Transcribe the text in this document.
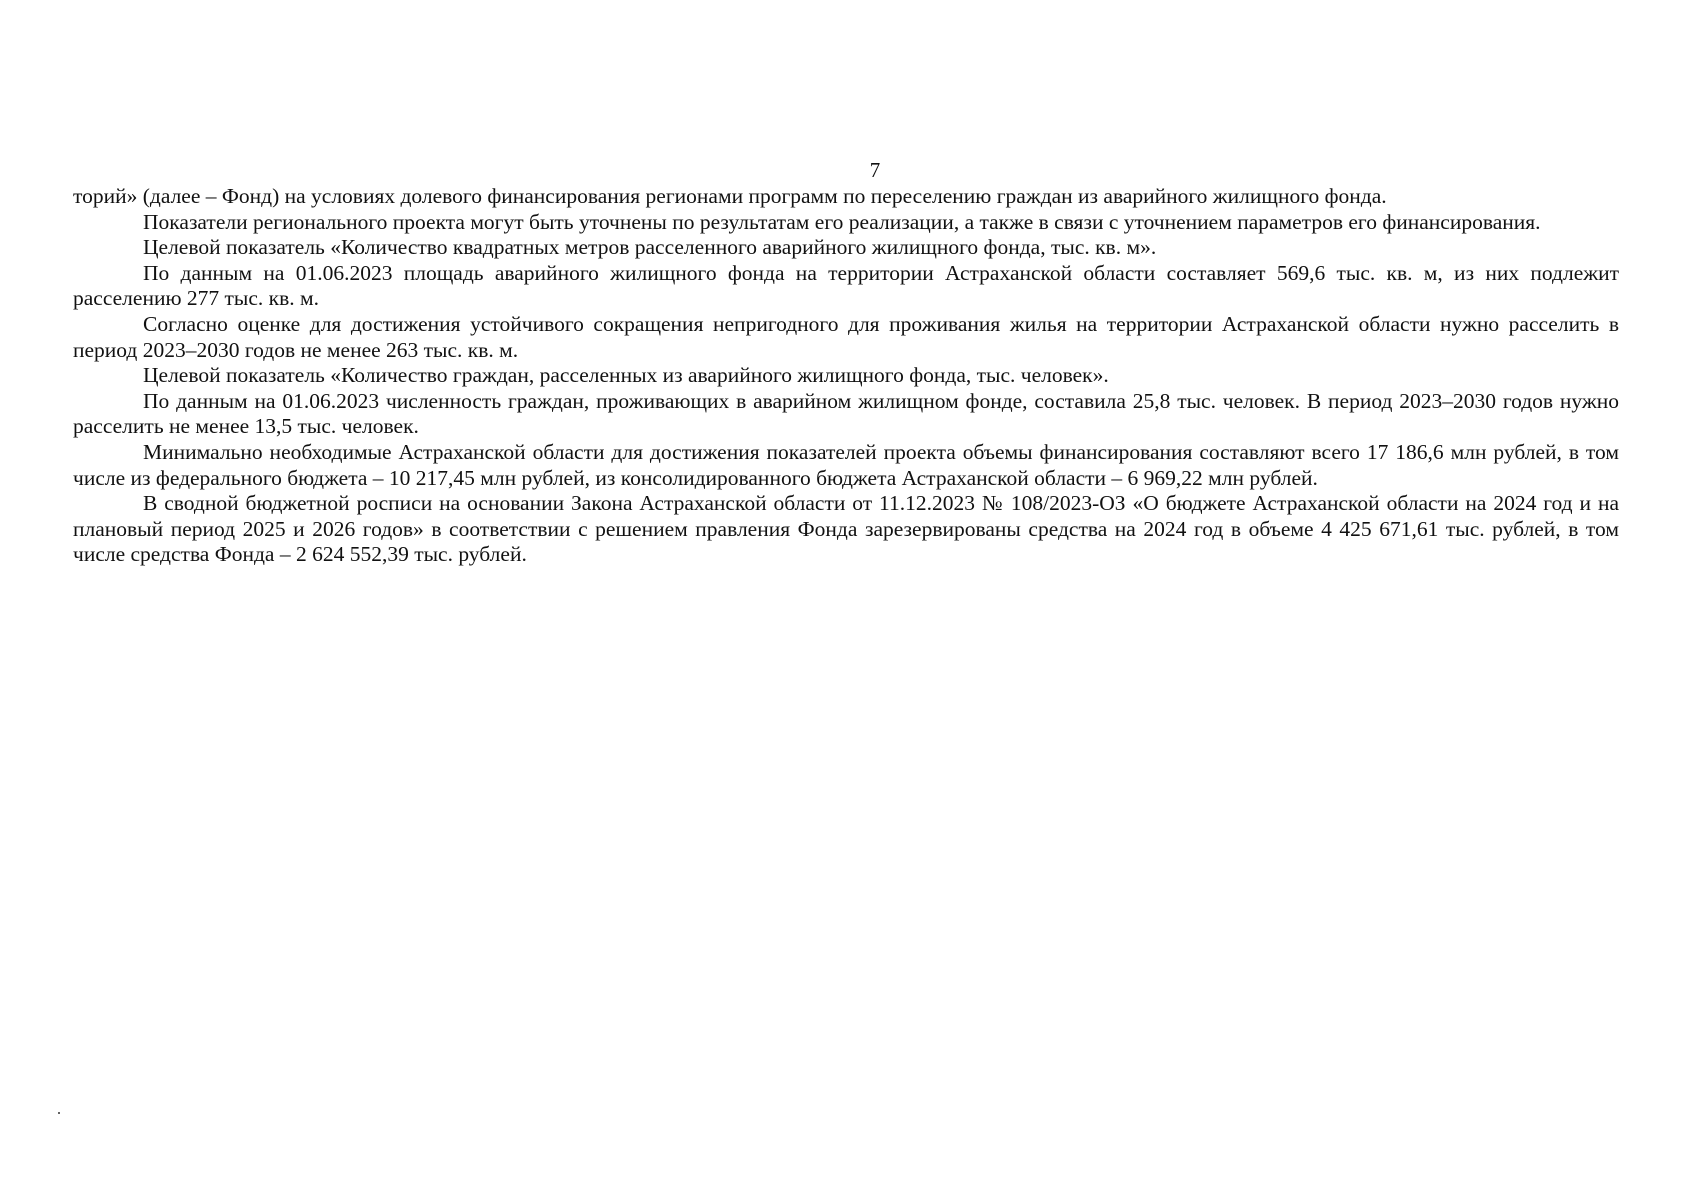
7

торий» (далее – Фонд) на условиях долевого финансирования регионами программ по переселению граждан из аварийного жилищного фонда.

Показатели регионального проекта могут быть уточнены по результатам его реализации, а также в связи с уточнением параметров его финансирования.

Целевой показатель «Количество квадратных метров расселенного аварийного жилищного фонда, тыс. кв. м».

По данным на 01.06.2023 площадь аварийного жилищного фонда на территории Астраханской области составляет 569,6 тыс. кв. м, из них подлежит расселению 277 тыс. кв. м.

Согласно оценке для достижения устойчивого сокращения непригодного для проживания жилья на территории Астраханской области нужно расселить в период 2023–2030 годов не менее 263 тыс. кв. м.

Целевой показатель «Количество граждан, расселенных из аварийного жилищного фонда, тыс. человек».

По данным на 01.06.2023 численность граждан, проживающих в аварийном жилищном фонде, составила 25,8 тыс. человек. В период 2023–2030 годов нужно расселить не менее 13,5 тыс. человек.

Минимально необходимые Астраханской области для достижения показателей проекта объемы финансирования составляют всего 17 186,6 млн рублей, в том числе из федерального бюджета – 10 217,45 млн рублей, из консолидированного бюджета Астраханской области – 6 969,22 млн рублей.

В сводной бюджетной росписи на основании Закона Астраханской области от 11.12.2023 № 108/2023-ОЗ «О бюджете Астраханской области на 2024 год и на плановый период 2025 и 2026 годов» в соответствии с решением правления Фонда зарезервированы средства на 2024 год в объеме 4 425 671,61 тыс. рублей, в том числе средства Фонда – 2 624 552,39 тыс. рублей.
